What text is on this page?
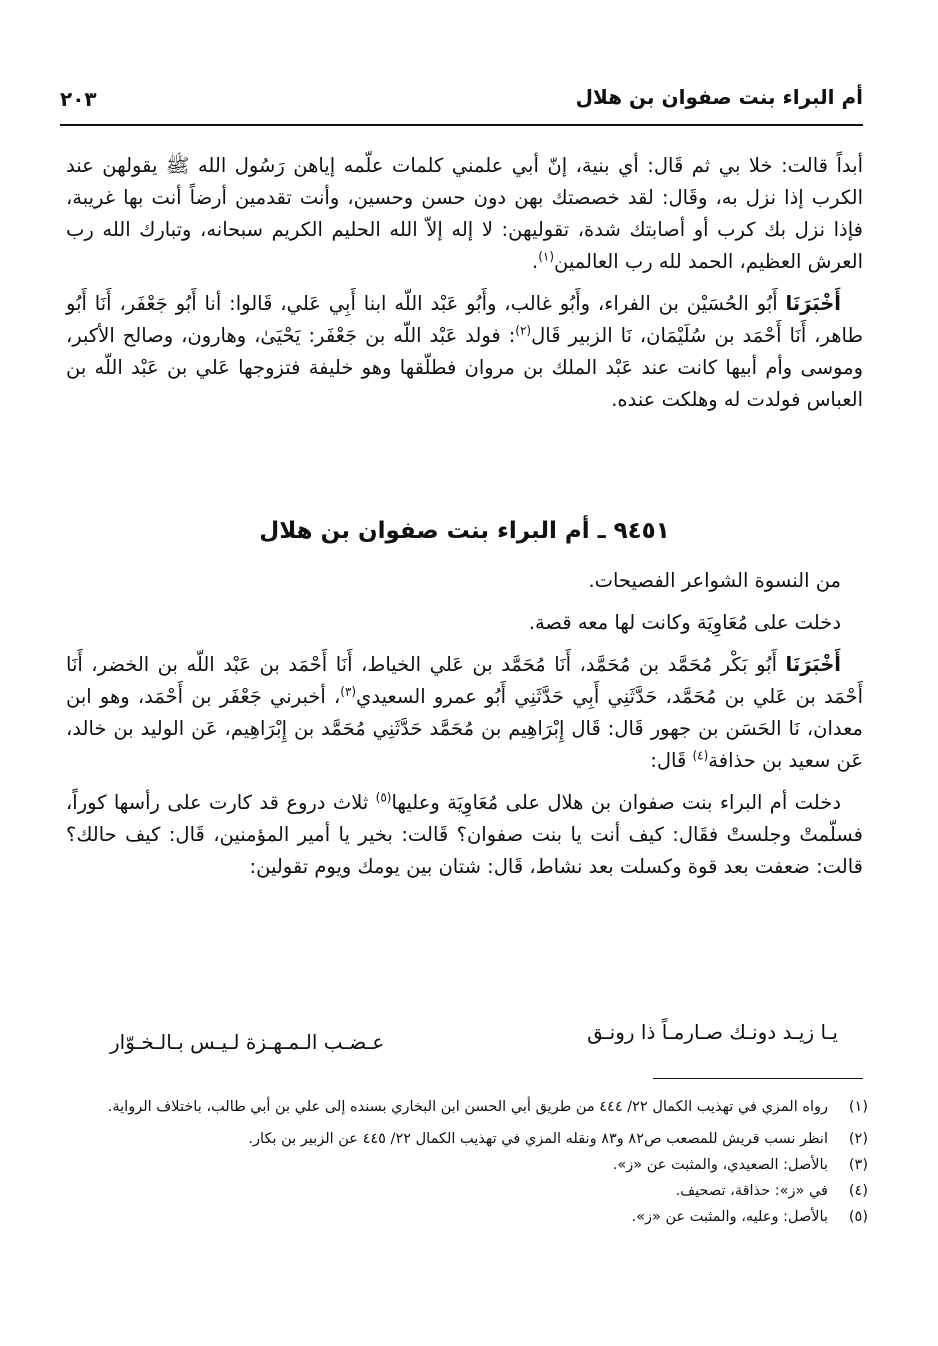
أم البراء بنت صفوان بن هلال
٢٠٣

أبداً قالت: خلا بي ثم قَال: أي بنية، إنّ أبي علمني كلمات علّمه إياهن رَسُول الله ﷺ يقولهن عند الكرب إذا نزل به، وقَال: لقد خصصتك بهن دون حسن وحسين، وأنت تقدمين أرضاً أنت بها غريبة، فإذا نزل بك كرب أو أصابتك شدة، تقوليهن: لا إله إلاّ الله الحليم الكريم سبحانه، وتبارك الله رب العرش العظيم، الحمد لله رب العالمين$^{(١)}$.

أَخْبَرَنَا أَبُو الحُسَيْن بن الفراء، وأَبُو غالب، وأَبُو عَبْد اللّه ابنا أَبِي عَلي، قَالوا: أنا أَبُو جَعْفَر، أَنَا أَبُو طاهر، أَنَا أَحْمَد بن سُلَيْمَان، نَا الزبير قَال$^{(٢)}$: فولد عَبْد اللّه بن جَعْفَر: يَحْيَىٰ، وهارون، وصالح الأكبر، وموسى وأم أبيها كانت عند عَبْد الملك بن مروان فطلّقها وهو خليفة فتزوجها عَلي بن عَبْد اللّه بن العباس فولدت له وهلكت عنده.

٩٤٥١ ـ أم البراء بنت صفوان بن هلال

من النسوة الشواعر الفصيحات.

دخلت على مُعَاوِيَة وكانت لها معه قصة.

أَخْبَرَنَا أَبُو بَكْر مُحَمَّد بن مُحَمَّد، أَنَا مُحَمَّد بن عَلي الخياط، أَنَا أَحْمَد بن عَبْد اللّه بن الخضر، أَنَا أَحْمَد بن عَلي بن مُحَمَّد، حَدَّثَنِي أَبِي حَدَّثَنِي أَبُو عمرو السعيدي$^{(٣)}$، أخبرني جَعْفَر بن أَحْمَد، وهو ابن معدان، نَا الحَسَن بن جهور قَال: قَال إِبْرَاهِيم بن مُحَمَّد حَدَّثَنِي مُحَمَّد بن إِبْرَاهِيم، عَن الوليد بن خالد، عَن سعيد بن حذافة$^{(٤)}$ قَال:

دخلت أم البراء بنت صفوان بن هلال على مُعَاوِيَة وعليها$^{(٥)}$ ثلاث دروع قد كارت على رأسها كوراً، فسلّمتْ وجلستْ فقَال: كيف أنت يا بنت صفوان؟ قَالت: بخير يا أمير المؤمنين، قَال: كيف حالك؟ قالت: ضعفت بعد قوة وكسلت بعد نشاط، قَال: شتان بين يومك ويوم تقولين:

يـا زيـد دونـك صـارمـاً ذا رونـق
عـضـب الـمـهـزة لـيـس بـالـخـوّار
(١)
رواه المزي في تهذيب الكمال ٢٢/ ٤٤٤ من طريق أبي الحسن ابن البخاري بسنده إلى علي بن أبي طالب، باختلاف الرواية.
(٢)
انظر نسب قريش للمصعب ص٨٢ و٨٣ ونقله المزي في تهذيب الكمال ٢٢/ ٤٤٥ عن الزبير بن بكار.
(٣)
بالأصل: الصعيدي، والمثبت عن «ز».
(٤)
في «ز»: حذاقة، تصحيف.
(٥)
بالأصل: وعليه، والمثبت عن «ز».
